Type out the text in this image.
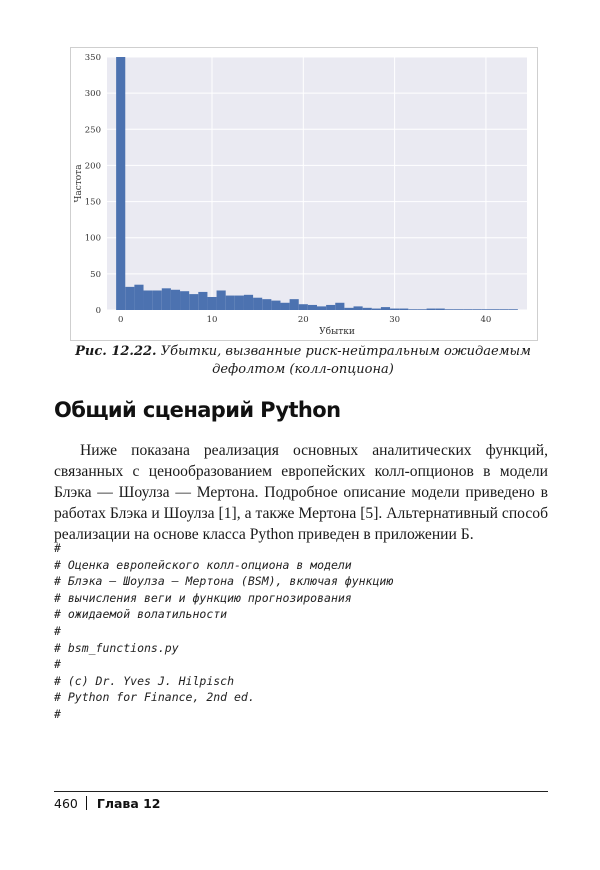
0
50
100
150
200
250
300
350
0	10	20	30	40
Убытки
Частота
Рис. 12.22. Убытки, вызванные риск-нейтральным ожидаемым
дефолтом (колл-опциона)
Общий сценарий Python

Ниже показана реализация основных аналитических функций, связанных с ценообразованием европейских колл-опционов в модели Блэка — Шоулза — Мертона. Подробное описание модели приведено в работах Блэка и Шоулза [1], а также Мертона [5]. Альтернативный способ реализации на основе класса Python приведен в приложении Б.

#
# Оценка европейского колл-опциона в модели
# Блэка — Шоулза — Мертона (BSM), включая функцию
# вычисления веги и функцию прогнозирования
# ожидаемой волатильности
#
# bsm_functions.py
#
# (c) Dr. Yves J. Hilpisch
# Python for Finance, 2nd ed.
#
460 Глава 12
